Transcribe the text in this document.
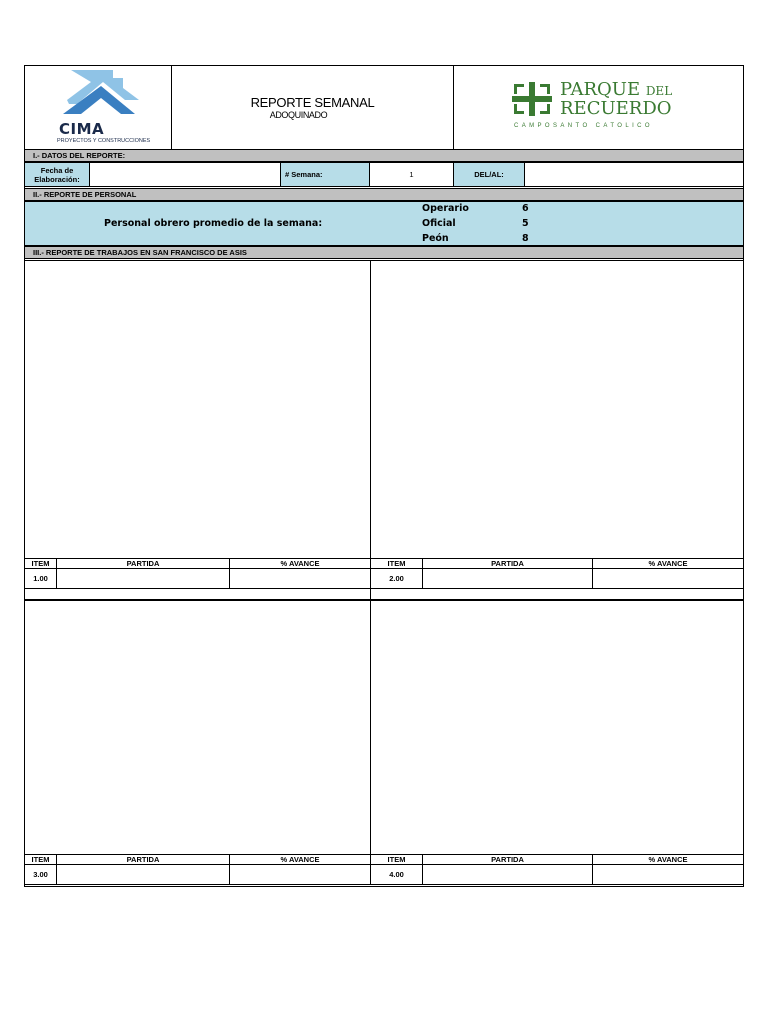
CIMA
PROYECTOS Y CONSTRUCCIONES
REPORTE SEMANAL
ADOQUINADO
PARQUE DEL
RECUERDO
CAMPOSANTO CATOLICO
I.- DATOS DEL REPORTE:
Fecha de Elaboración:	# Semana:	1	DEL/AL:
II.- REPORTE DE PERSONAL
Personal obrero promedio de la semana:
Operario	6
Oficial	5
Peón	8
III.- REPORTE DE TRABAJOS EN SAN FRANCISCO DE ASIS
ITEM	PARTIDA	% AVANCE
1.00
ITEM	PARTIDA	% AVANCE
2.00
ITEM	PARTIDA	% AVANCE
3.00
ITEM	PARTIDA	% AVANCE
4.00
